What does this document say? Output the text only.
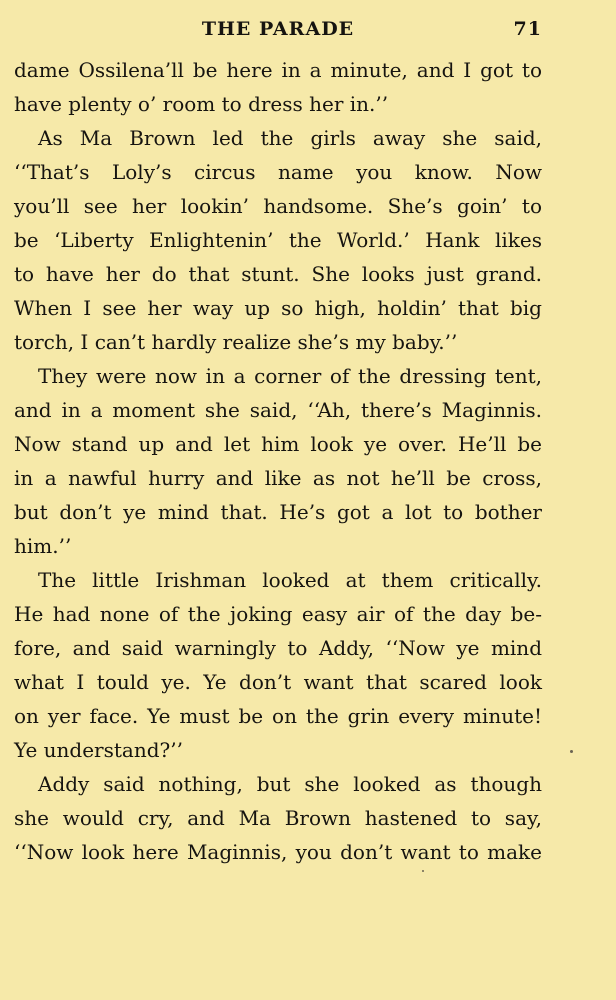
THE PARADE	71
dame Ossilena’ll be here in a minute, and I got to
have plenty o’ room to dress her in.’’
As Ma Brown led the girls away she said,
‘‘That’s Loly’s circus name you know. Now
you’ll see her lookin’ handsome. She’s goin’ to
be ‘Liberty Enlightenin’ the World.’ Hank likes
to have her do that stunt. She looks just grand.
When I see her way up so high, holdin’ that big
torch, I can’t hardly realize she’s my baby.’’
They were now in a corner of the dressing tent,
and in a moment she said, ‘‘Ah, there’s Maginnis.
Now stand up and let him look ye over. He’ll be
in a nawful hurry and like as not he’ll be cross,
but don’t ye mind that. He’s got a lot to bother
him.’’
The little Irishman looked at them critically.
He had none of the joking easy air of the day be-
fore, and said warningly to Addy, ‘‘Now ye mind
what I tould ye. Ye don’t want that scared look
on yer face. Ye must be on the grin every minute!
Ye understand?’’
Addy said nothing, but she looked as though
she would cry, and Ma Brown hastened to say,
‘‘Now look here Maginnis, you don’t want to make
